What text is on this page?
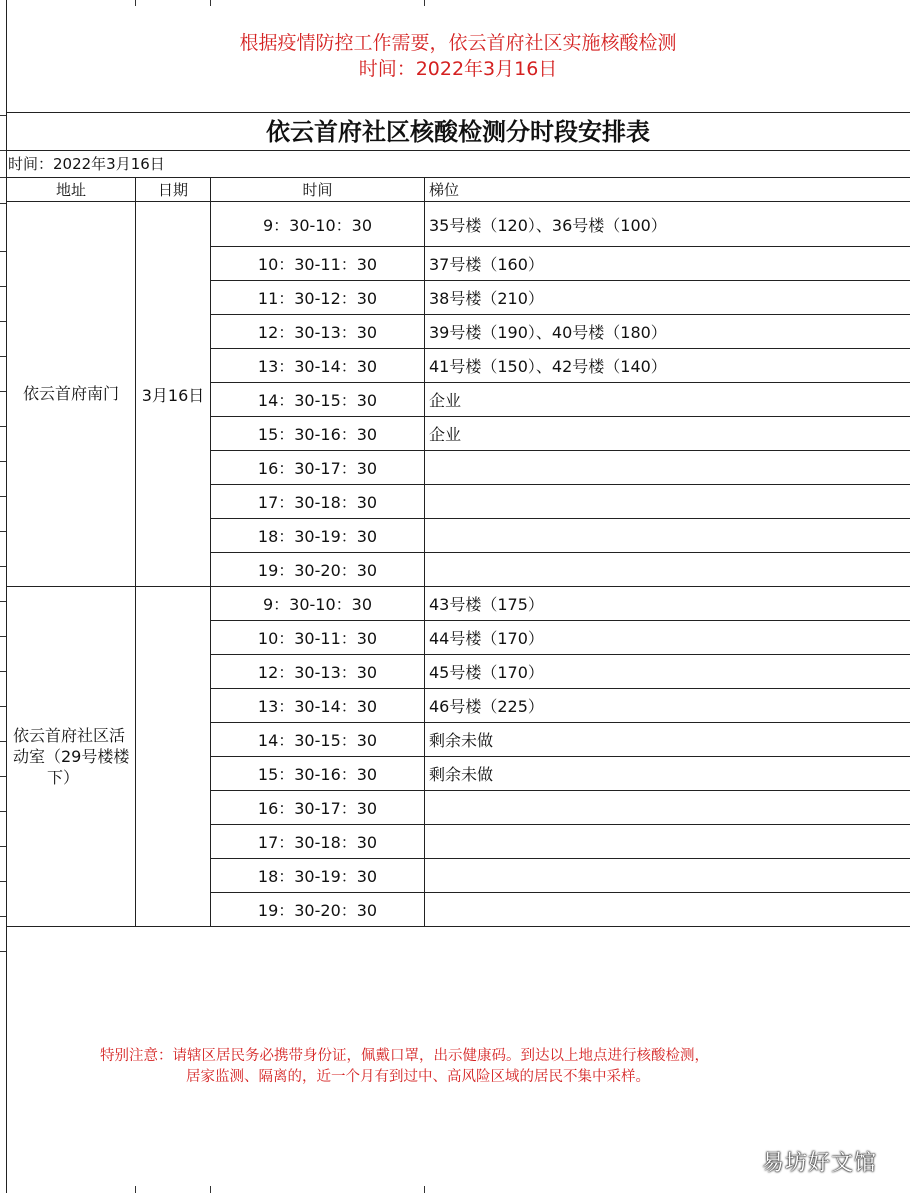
根据疫情防控工作需要，依云首府社区实施核酸检测
时间：2022年3月16日
依云首府社区核酸检测分时段安排表
时间：2022年3月16日
地址	日期	时间	梯位
依云首府南门	3月16日	9：30-10：30	35号楼（120）、36号楼（100）
		10：30-11：30	37号楼（160）
		11：30-12：30	38号楼（210）
		12：30-13：30	39号楼（190）、40号楼（180）
		13：30-14：30	41号楼（150）、42号楼（140）
		14：30-15：30	企业
		15：30-16：30	企业
		16：30-17：30	
		17：30-18：30	
		18：30-19：30	
		19：30-20：30	

依云首府社区活
动室（29号楼楼
下）		9：30-10：30	43号楼（175）
		10：30-11：30	44号楼（170）
		12：30-13：30	45号楼（170）
		13：30-14：30	46号楼（225）
		14：30-15：30	剩余未做
		15：30-16：30	剩余未做
		16：30-17：30	
		17：30-18：30	
		18：30-19：30	
		19：30-20：30	
特别注意：请辖区居民务必携带身份证，佩戴口罩，出示健康码。到达以上地点进行核酸检测，
居家监测、隔离的，近一个月有到过中、高风险区域的居民不集中采样。
易坊好文馆
